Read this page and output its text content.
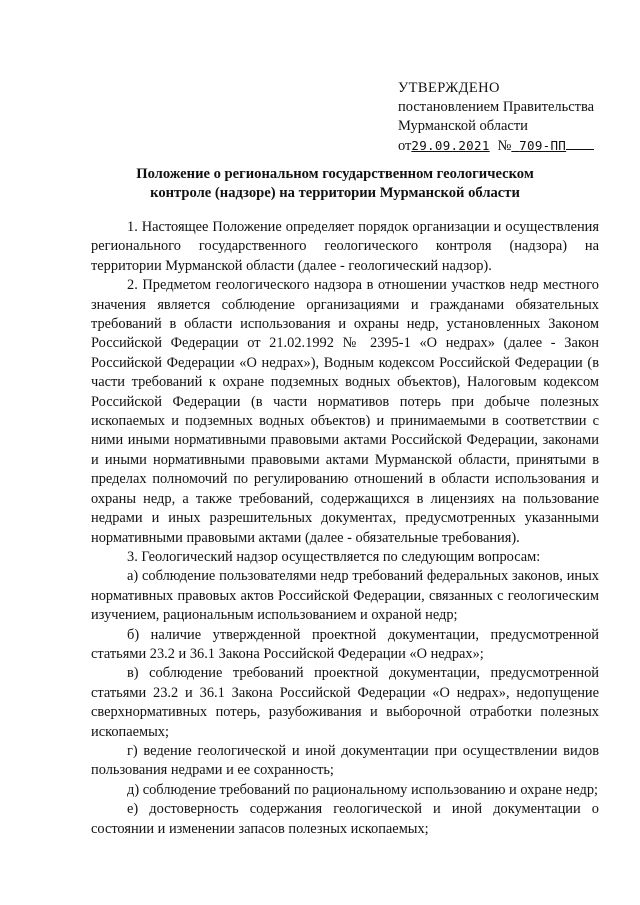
УТВЕРЖДЕНО
постановлением Правительства
Мурманской области
от29.09.2021 № 709-ПП
Положение о региональном государственном геологическом
контроле (надзоре) на территории Мурманской области

1. Настоящее Положение определяет порядок организации и осуществления регионального государственного геологического контроля (надзора) на территории Мурманской области (далее - геологический надзор).

2. Предметом геологического надзора в отношении участков недр местного значения является соблюдение организациями и гражданами обязательных требований в области использования и охраны недр, установленных Законом Российской Федерации от 21.02.1992 № 2395-1 «О недрах» (далее - Закон Российской Федерации «О недрах»), Водным кодексом Российской Федерации (в части требований к охране подземных водных объектов), Налоговым кодексом Российской Федерации (в части нормативов потерь при добыче полезных ископаемых и подземных водных объектов) и принимаемыми в соответствии с ними иными нормативными правовыми актами Российской Федерации, законами и иными нормативными правовыми актами Мурманской области, принятыми в пределах полномочий по регулированию отношений в области использования и охраны недр, а также требований, содержащихся в лицензиях на пользование недрами и иных разрешительных документах, предусмотренных указанными нормативными правовыми актами (далее - обязательные требования).

3. Геологический надзор осуществляется по следующим вопросам:

а) соблюдение пользователями недр требований федеральных законов, иных нормативных правовых актов Российской Федерации, связанных с геологическим изучением, рациональным использованием и охраной недр;

б) наличие утвержденной проектной документации, предусмотренной статьями 23.2 и 36.1 Закона Российской Федерации «О недрах»;

в) соблюдение требований проектной документации, предусмотренной статьями 23.2 и 36.1 Закона Российской Федерации «О недрах», недопущение сверхнормативных потерь, разубоживания и выборочной отработки полезных ископаемых;

г) ведение геологической и иной документации при осуществлении видов пользования недрами и ее сохранность;

д) соблюдение требований по рациональному использованию и охране недр;

е) достоверность содержания геологической и иной документации о состоянии и изменении запасов полезных ископаемых;
